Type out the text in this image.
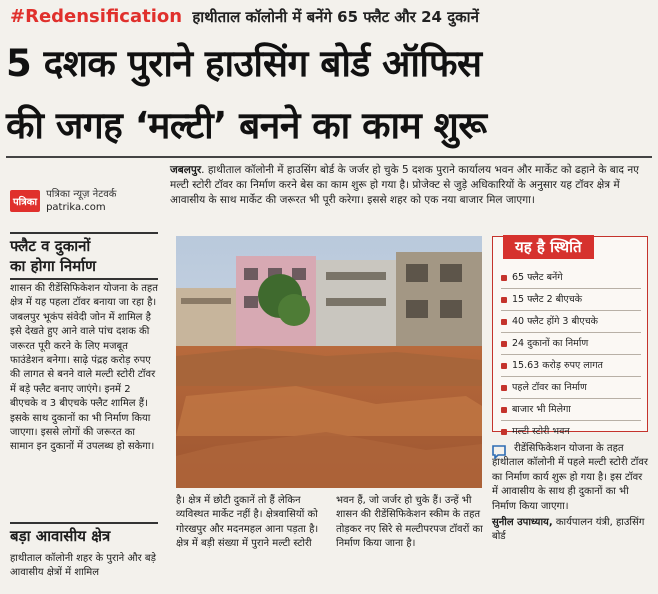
#Redensification हाथीताल कॉलोनी में बनेंगे 65 फ्लैट और 24 दुकानें
5 दशक पुराने हाउसिंग बोर्ड ऑफिस
की जगह ‘मल्टी’ बनने का काम शुरू
जबलपुर. हाथीताल कॉलोनी में हाउसिंग बोर्ड के जर्जर हो चुके 5 दशक पुराने कार्यालय भवन और मार्केट को ढहाने के बाद नए मल्टी स्टोरी टॉवर का निर्माण करने बेस का काम शुरू हो गया है। प्रोजेक्ट से जुड़े अधिकारियों के अनुसार यह टॉवर क्षेत्र में आवासीय के साथ मार्केट की जरूरत भी पूरी करेगा। इससे शहर को एक नया बाजार मिल जाएगा।
पत्रिका
पत्रिका न्यूज़ नेटवर्क
patrika.com
फ्लैट व दुकानों
का होगा निर्माण
शासन की रीडेंसिफिकेशन योजना के तहत क्षेत्र में यह पहला टॉवर बनाया जा रहा है। जबलपुर भूकंप संवेदी जोन में शामिल है इसे देखते हुए आने वाले पांच दशक की जरूरत पूरी करने के लिए मजबूत फाउंडेशन बनेगा। साढ़े पंद्रह करोड़ रुपए की लागत से बनने वाले मल्टी स्टोरी टॉवर में बड़े फ्लैट बनाए जाएंगे। इनमें 2 बीएचके व 3 बीएचके फ्लैट शामिल हैं। इसके साथ दुकानों का भी निर्माण किया जाएगा। इससे लोगों की जरूरत का सामान इन दुकानों में उपलब्ध हो सकेगा।
बड़ा आवासीय क्षेत्र
हाथीताल कॉलोनी शहर के पुराने और बड़े आवासीय क्षेत्रों में शामिल
है। क्षेत्र में छोटी दुकानें तो हैं लेकिन व्यविस्थत मार्केट नहीं है। क्षेत्रवासियों को गोरखपुर और मदनमहल आना पड़ता है। क्षेत्र में बड़ी संख्या में पुराने मल्टी स्टोरी
भवन हैं, जो जर्जर हो चुके हैं। उन्हें भी शासन की रीडेंसिफिकेशन स्कीम के तहत तोड़कर नए सिरे से मल्टीपरपज टॉवरों का निर्माण किया जाना है।
यह है स्थिति
65 फ्लैट बनेंगे
15 फ्लैट 2 बीएचके
40 फ्लैट होंगे 3 बीएचके
24 दुकानों का निर्माण
15.63 करोड़ रुपए लागत
पहले टॉवर का निर्माण
बाजार भी मिलेगा
मल्टी स्टोरी भवन
रीडेंसिफिकेशन योजना के तहत हाथीताल कॉलोनी में पहले मल्टी स्टोरी टॉवर का निर्माण कार्य शुरू हो गया है। इस टॉवर में आवासीय के साथ ही दुकानों का भी निर्माण किया जाएगा।
सुनील उपाध्याय, कार्यपालन यंत्री, हाउसिंग बोर्ड
